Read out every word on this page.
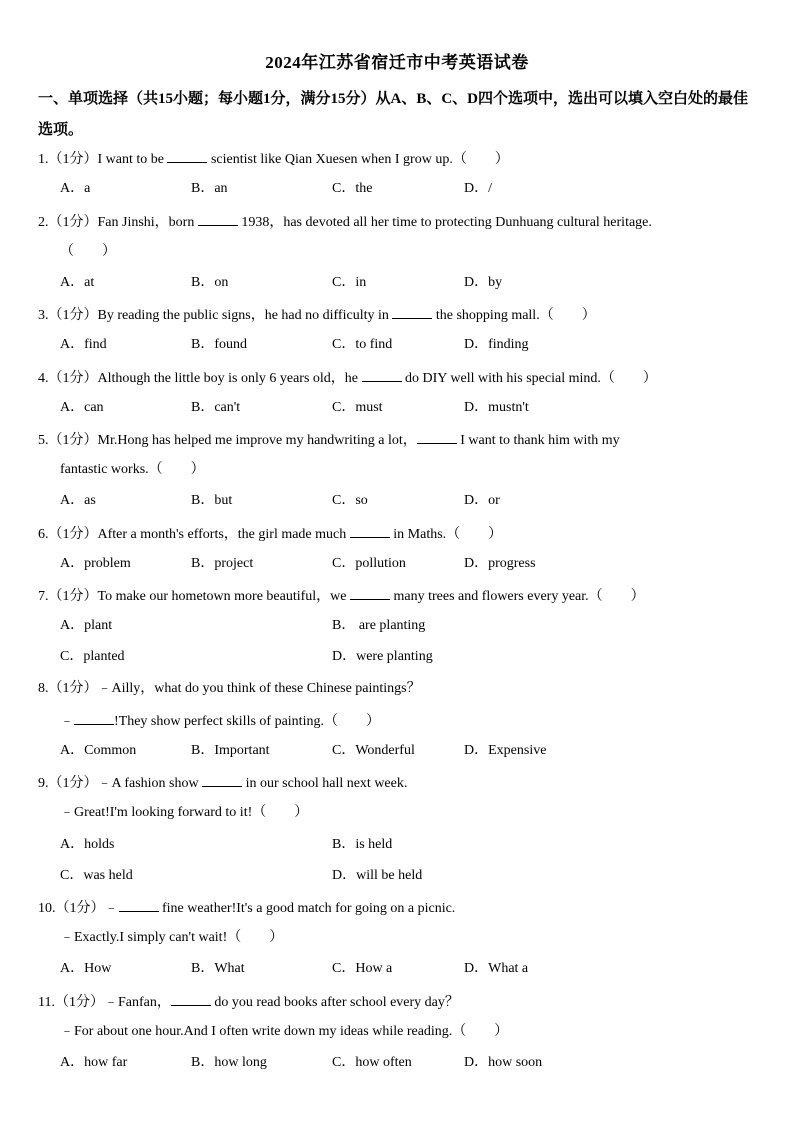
2024年江苏省宿迁市中考英语试卷
一、单项选择（共15小题；每小题1分，满分15分）从A、B、C、D四个选项中，选出可以填入空白处的最佳选项。
1.（1分）I want to be	scientist like Qian Xuesen when I grow up.（　　）
A．a	B．an	C．the	D．/
2.（1分）Fan Jinshi，born	1938，has devoted all her time to protecting Dunhuang cultural heritage.
（　　）
A．at	B．on	C．in	D．by
3.（1分）By reading the public signs，he had no difficulty in	the shopping mall.（　　）
A．find	B．found	C．to find	D．finding
4.（1分）Although the little boy is only 6 years old，he	do DIY well with his special mind.（　　）
A．can	B．can't	C．must	D．mustn't
5.（1分）Mr.Hong has helped me improve my handwriting a lot，	I want to thank him with my
fantastic works.（　　）
A．as	B．but	C．so	D．or
6.（1分）After a month's efforts，the girl made much	in Maths.（　　）
A．problem	B．project	C．pollution	D．progress
7.（1分）To make our hometown more beautiful，we	many trees and flowers every year.（　　）
A．plant	B． are planting
C．planted	D．were planting
8.（1分）﹣Ailly，what do you think of these Chinese paintings？
﹣	!They show perfect skills of painting.（　　）
A．Common	B．Important	C．Wonderful	D．Expensive
9.（1分）﹣A fashion show	in our school hall next week.
﹣Great!I'm looking forward to it!（　　）
A．holds	B．is held
C．was held	D．will be held
10.（1分）﹣	fine weather!It's a good match for going on a picnic.
﹣Exactly.I simply can't wait!（　　）
A．How	B．What	C．How a	D．What a
11.（1分）﹣Fanfan，	do you read books after school every day？
﹣For about one hour.And I often write down my ideas while reading.（　　）
A．how far	B．how long	C．how often	D．how soon
